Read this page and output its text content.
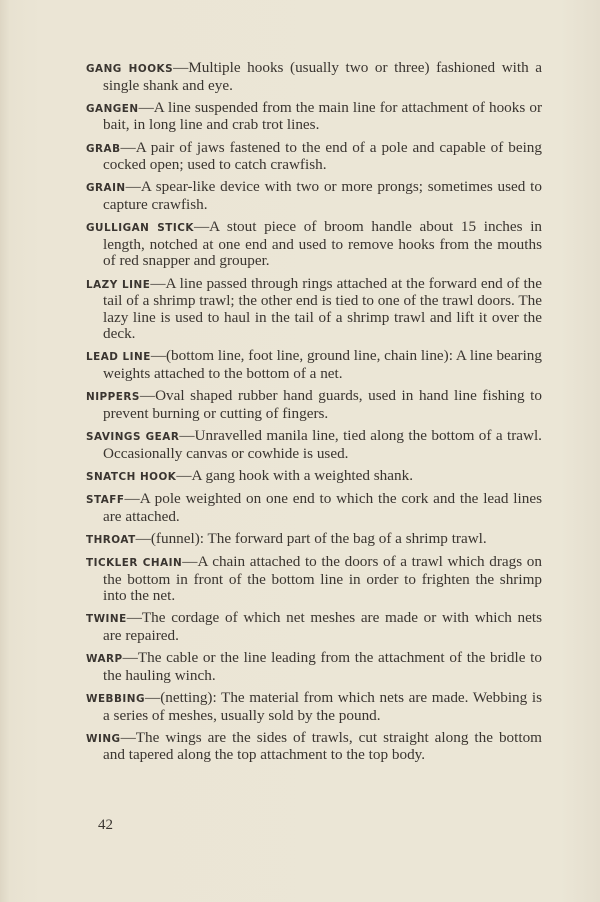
GANG HOOKS—Multiple hooks (usually two or three) fashioned with a single shank and eye.

GANGEN—A line suspended from the main line for attachment of hooks or bait, in long line and crab trot lines.

GRAB—A pair of jaws fastened to the end of a pole and capable of being cocked open; used to catch crawfish.

GRAIN—A spear-like device with two or more prongs; sometimes used to capture crawfish.

GULLIGAN STICK—A stout piece of broom handle about 15 inches in length, notched at one end and used to remove hooks from the mouths of red snapper and grouper.

LAZY LINE—A line passed through rings attached at the forward end of the tail of a shrimp trawl; the other end is tied to one of the trawl doors. The lazy line is used to haul in the tail of a shrimp trawl and lift it over the deck.

LEAD LINE—(bottom line, foot line, ground line, chain line): A line bearing weights attached to the bottom of a net.

NIPPERS—Oval shaped rubber hand guards, used in hand line fishing to prevent burning or cutting of fingers.

SAVINGS GEAR—Unravelled manila line, tied along the bottom of a trawl. Occasionally canvas or cowhide is used.

SNATCH HOOK—A gang hook with a weighted shank.

STAFF—A pole weighted on one end to which the cork and the lead lines are attached.

THROAT—(funnel): The forward part of the bag of a shrimp trawl.

TICKLER CHAIN—A chain attached to the doors of a trawl which drags on the bottom in front of the bottom line in order to frighten the shrimp into the net.

TWINE—The cordage of which net meshes are made or with which nets are repaired.

WARP—The cable or the line leading from the attachment of the bridle to the hauling winch.

WEBBING—(netting): The material from which nets are made. Webbing is a series of meshes, usually sold by the pound.

WING—The wings are the sides of trawls, cut straight along the bottom and tapered along the top attachment to the top body.

42
